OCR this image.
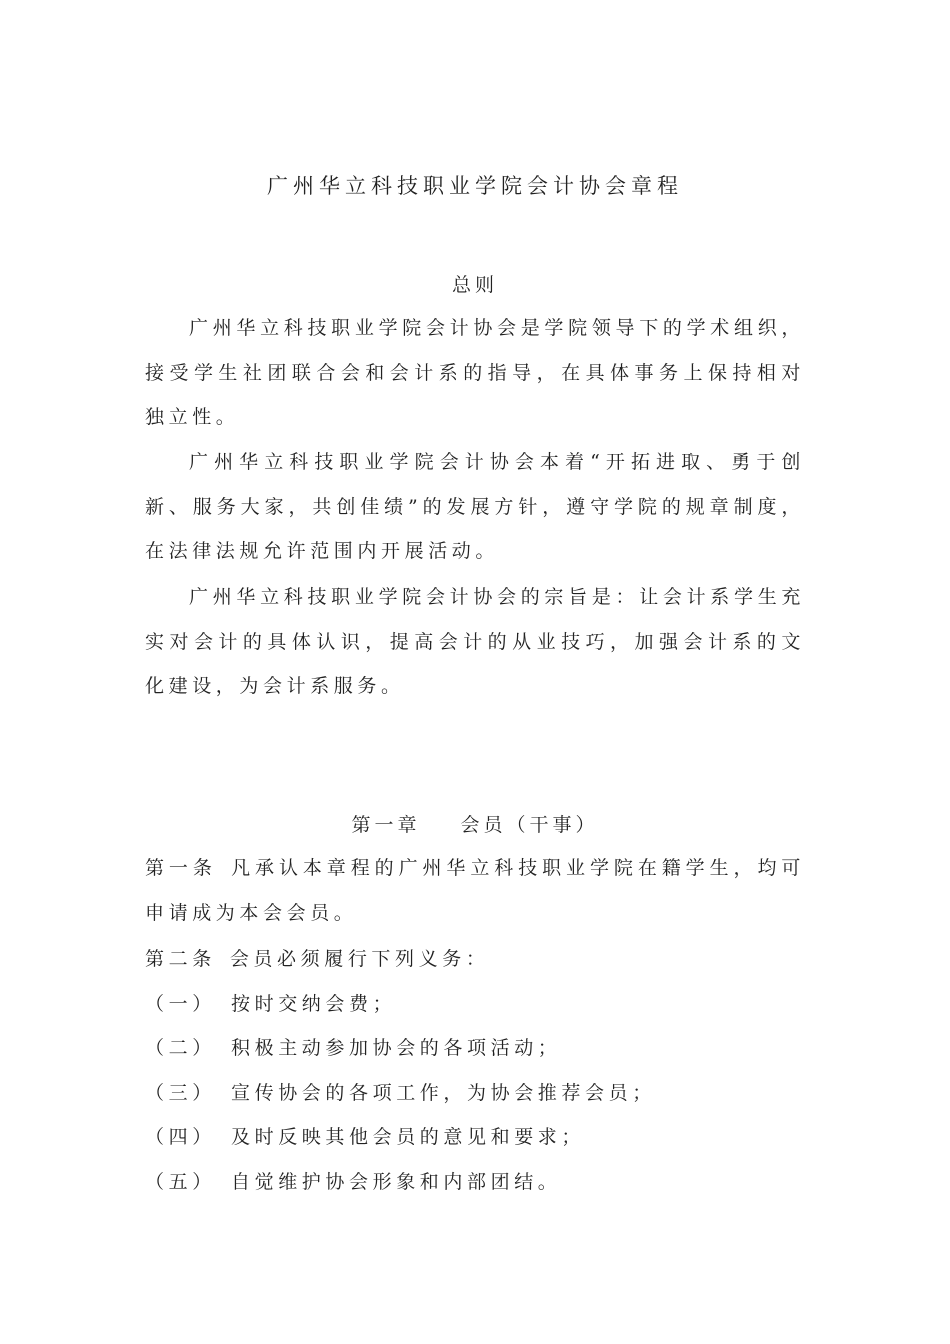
广州华立科技职业学院会计协会章程
总则

广州华立科技职业学院会计协会是学院领导下的学术组织，接受学生社团联合会和会计系的指导，在具体事务上保持相对独立性。

广州华立科技职业学院会计协会本着“开拓进取、勇于创新、服务大家，共创佳绩”的发展方针，遵守学院的规章制度，在法律法规允许范围内开展活动。

广州华立科技职业学院会计协会的宗旨是：让会计系学生充实对会计的具体认识，提高会计的从业技巧，加强会计系的文化建设，为会计系服务。

第一章 会员（干事）

第一条 凡承认本章程的广州华立科技职业学院在籍学生，均可申请成为本会会员。

第二条 会员必须履行下列义务：
（一） 按时交纳会费；
（二） 积极主动参加协会的各项活动；
（三） 宣传协会的各项工作，为协会推荐会员；
（四） 及时反映其他会员的意见和要求；
（五） 自觉维护协会形象和内部团结。
